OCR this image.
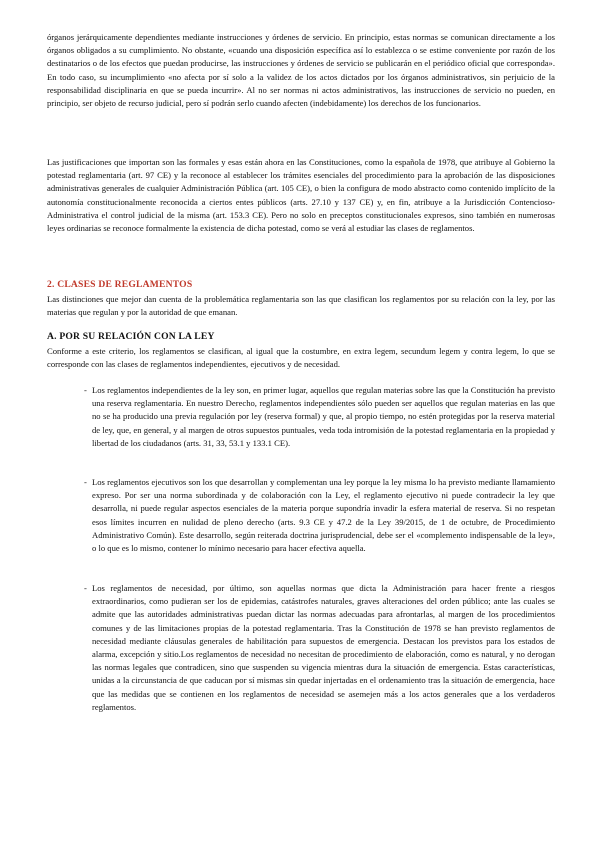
órganos jerárquicamente dependientes mediante instrucciones y órdenes de servicio. En principio, estas normas se comunican directamente a los órganos obligados a su cumplimiento. No obstante, «cuando una disposición específica así lo establezca o se estime conveniente por razón de los destinatarios o de los efectos que puedan producirse, las instrucciones y órdenes de servicio se publicarán en el periódico oficial que corresponda». En todo caso, su incumplimiento «no afecta por sí solo a la validez de los actos dictados por los órganos administrativos, sin perjuicio de la responsabilidad disciplinaria en que se pueda incurrir». Al no ser normas ni actos administrativos, las instrucciones de servicio no pueden, en principio, ser objeto de recurso judicial, pero sí podrán serlo cuando afecten (indebidamente) los derechos de los funcionarios.

Las justificaciones que importan son las formales y esas están ahora en las Constituciones, como la española de 1978, que atribuye al Gobierno la potestad reglamentaria (art. 97 CE) y la reconoce al establecer los trámites esenciales del procedimiento para la aprobación de las disposiciones administrativas generales de cualquier Administración Pública (art. 105 CE), o bien la configura de modo abstracto como contenido implícito de la autonomía constitucionalmente reconocida a ciertos entes públicos (arts. 27.10 y 137 CE) y, en fin, atribuye a la Jurisdicción Contencioso-Administrativa el control judicial de la misma (art. 153.3 CE). Pero no solo en preceptos constitucionales expresos, sino también en numerosas leyes ordinarias se reconoce formalmente la existencia de dicha potestad, como se verá al estudiar las clases de reglamentos.

2. CLASES DE REGLAMENTOS

Las distinciones que mejor dan cuenta de la problemática reglamentaria son las que clasifican los reglamentos por su relación con la ley, por las materias que regulan y por la autoridad de que emanan.

A. POR SU RELACIÓN CON LA LEY

Conforme a este criterio, los reglamentos se clasifican, al igual que la costumbre, en extra legem, secundum legem y contra legem, lo que se corresponde con las clases de reglamentos independientes, ejecutivos y de necesidad.

- Los reglamentos independientes de la ley son, en primer lugar, aquellos que regulan materias sobre las que la Constitución ha previsto una reserva reglamentaria. En nuestro Derecho, reglamentos independientes sólo pueden ser aquellos que regulan materias en las que no se ha producido una previa regulación por ley (reserva formal) y que, al propio tiempo, no estén protegidas por la reserva material de ley, que, en general, y al margen de otros supuestos puntuales, veda toda intromisión de la potestad reglamentaria en la propiedad y libertad de los ciudadanos (arts. 31, 33, 53.1 y 133.1 CE).
- Los reglamentos ejecutivos son los que desarrollan y complementan una ley porque la ley misma lo ha previsto mediante llamamiento expreso. Por ser una norma subordinada y de colaboración con la Ley, el reglamento ejecutivo ni puede contradecir la ley que desarrolla, ni puede regular aspectos esenciales de la materia porque supondría invadir la esfera material de reserva. Si no respetan esos límites incurren en nulidad de pleno derecho (arts. 9.3 CE y 47.2 de la Ley 39/2015, de 1 de octubre, de Procedimiento Administrativo Común). Este desarrollo, según reiterada doctrina jurisprudencial, debe ser el «complemento indispensable de la ley», o lo que es lo mismo, contener lo mínimo necesario para hacer efectiva aquella.
- Los reglamentos de necesidad, por último, son aquellas normas que dicta la Administración para hacer frente a riesgos extraordinarios, como pudieran ser los de epidemias, catástrofes naturales, graves alteraciones del orden público; ante las cuales se admite que las autoridades administrativas puedan dictar las normas adecuadas para afrontarlas, al margen de los procedimientos comunes y de las limitaciones propias de la potestad reglamentaria. Tras la Constitución de 1978 se han previsto reglamentos de necesidad mediante cláusulas generales de habilitación para supuestos de emergencia. Destacan los previstos para los estados de alarma, excepción y sitio.Los reglamentos de necesidad no necesitan de procedimiento de elaboración, como es natural, y no derogan las normas legales que contradicen, sino que suspenden su vigencia mientras dura la situación de emergencia. Estas características, unidas a la circunstancia de que caducan por sí mismas sin quedar injertadas en el ordenamiento tras la situación de emergencia, hace que las medidas que se contienen en los reglamentos de necesidad se asemejen más a los actos generales que a los verdaderos reglamentos.
